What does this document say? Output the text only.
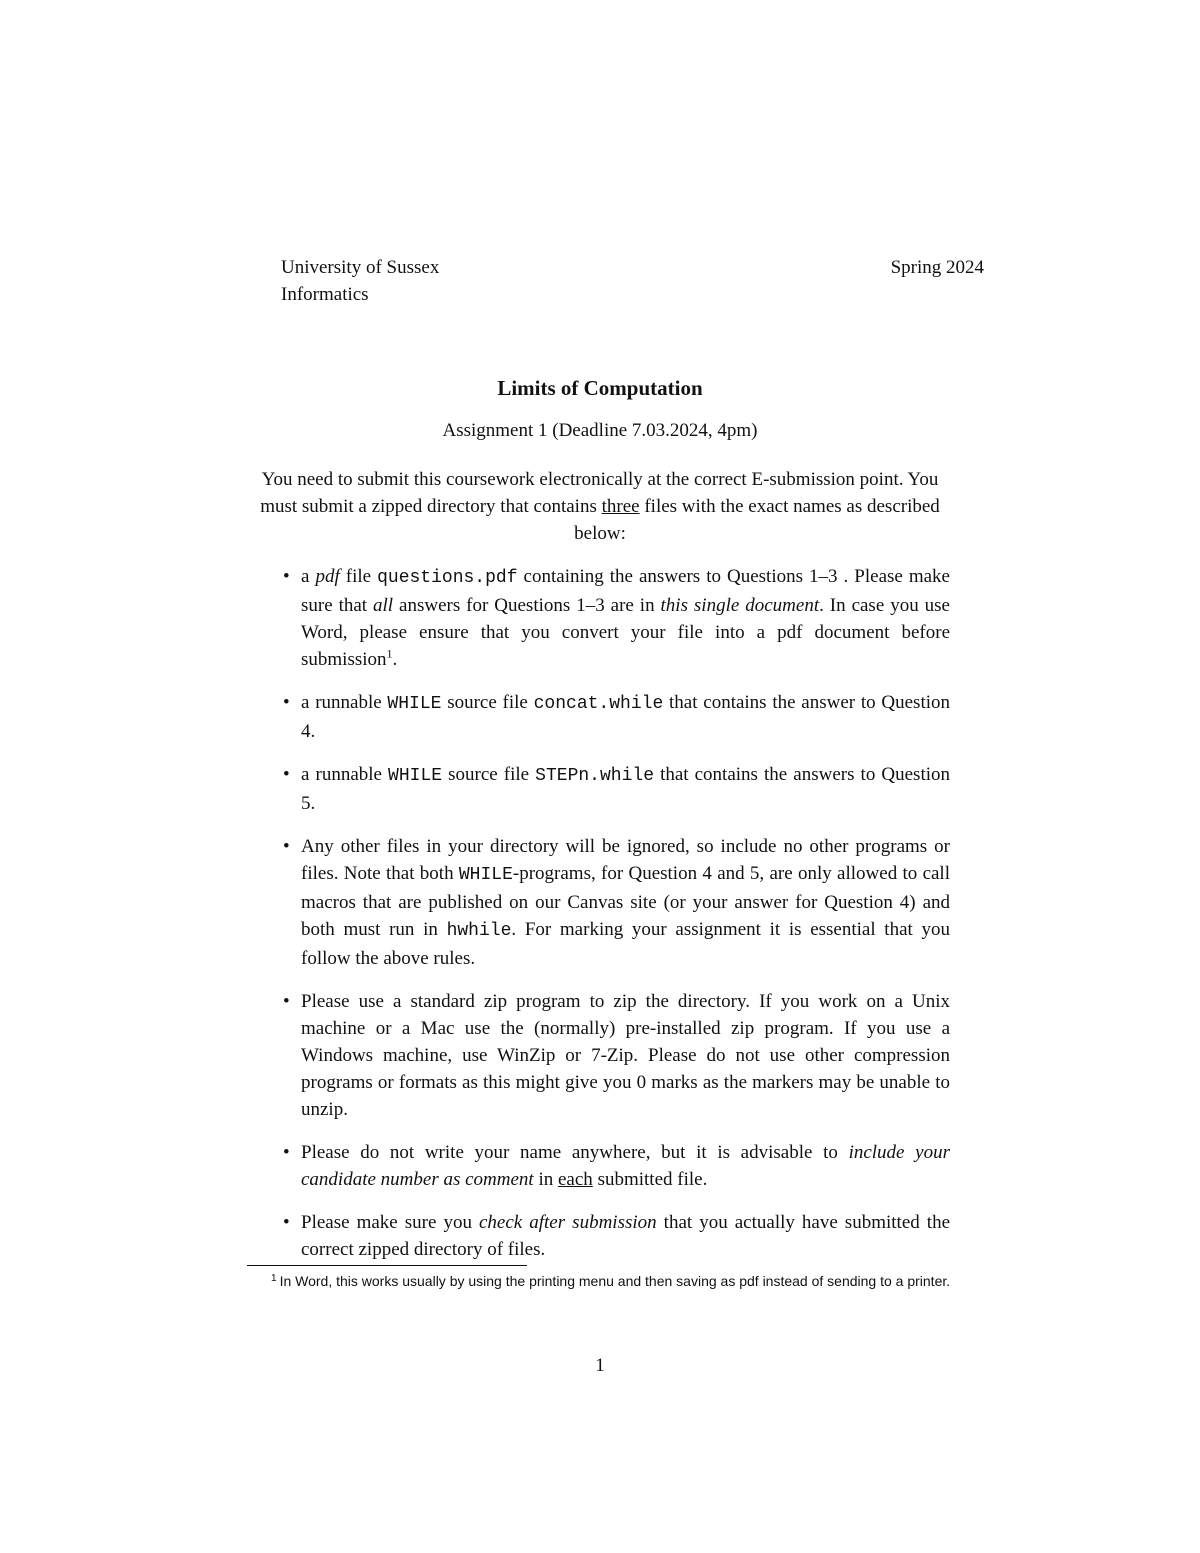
University of Sussex
Informatics
Spring 2024
Limits of Computation
Assignment 1 (Deadline 7.03.2024, 4pm)
You need to submit this coursework electronically at the correct E-submission point. You must submit a zipped directory that contains three files with the exact names as described below:
• a pdf file questions.pdf containing the answers to Questions 1–3 . Please make sure that all answers for Questions 1–3 are in this single document. In case you use Word, please ensure that you convert your file into a pdf document before submission$^1$.
• a runnable WHILE source file concat.while that contains the answer to Question 4.
• a runnable WHILE source file STEPn.while that contains the answers to Question 5.
• Any other files in your directory will be ignored, so include no other programs or files. Note that both WHILE-programs, for Question 4 and 5, are only allowed to call macros that are published on our Canvas site (or your answer for Question 4) and both must run in hwhile. For marking your assignment it is essential that you follow the above rules.
• Please use a standard zip program to zip the directory. If you work on a Unix machine or a Mac use the (normally) pre-installed zip program. If you use a Windows machine, use WinZip or 7-Zip. Please do not use other compression programs or formats as this might give you 0 marks as the markers may be unable to unzip.
• Please do not write your name anywhere, but it is advisable to include your candidate number as comment in each submitted file.
• Please make sure you check after submission that you actually have submitted the correct zipped directory of files.
$^1$ In Word, this works usually by using the printing menu and then saving as pdf instead of sending to a printer.
1
